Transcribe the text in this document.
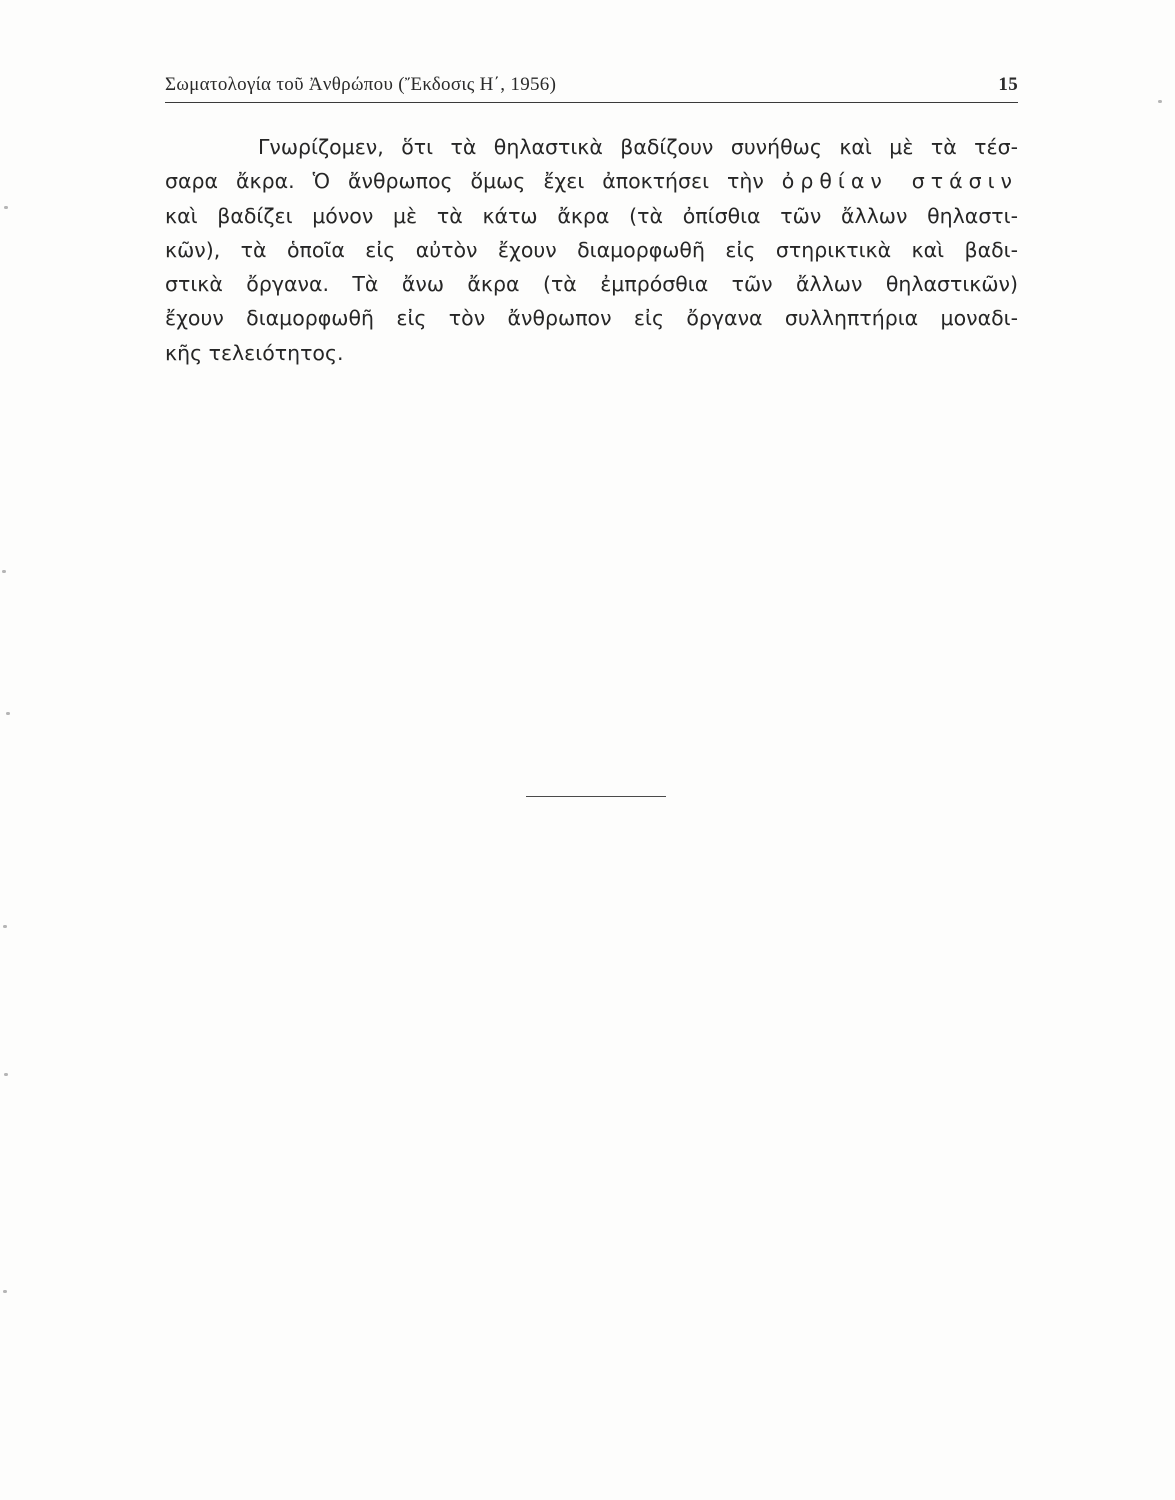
Σωματολογία τοῦ Ἀνθρώπου (Ἔκδοσις Η΄, 1956)	15
Γνωρίζομεν, ὅτι τὰ θηλαστικὰ βαδίζουν συνήθως καὶ μὲ τὰ τέσ-
σαρα ἄκρα. Ὁ ἄνθρωπος ὅμως ἔχει ἀποκτήσει τὴν ὀρθίαν στάσιν
καὶ βαδίζει μόνον μὲ τὰ κάτω ἄκρα (τὰ ὀπίσθια τῶν ἄλλων θηλαστι-
κῶν), τὰ ὁποῖα εἰς αὐτὸν ἔχουν διαμορφωθῆ εἰς στηρικτικὰ καὶ βαδι-
στικὰ ὄργανα. Τὰ ἄνω ἄκρα (τὰ ἐμπρόσθια τῶν ἄλλων θηλαστικῶν)
ἔχουν διαμορφωθῆ εἰς τὸν ἄνθρωπον εἰς ὄργανα συλληπτήρια μοναδι-
κῆς τελειότητος.
